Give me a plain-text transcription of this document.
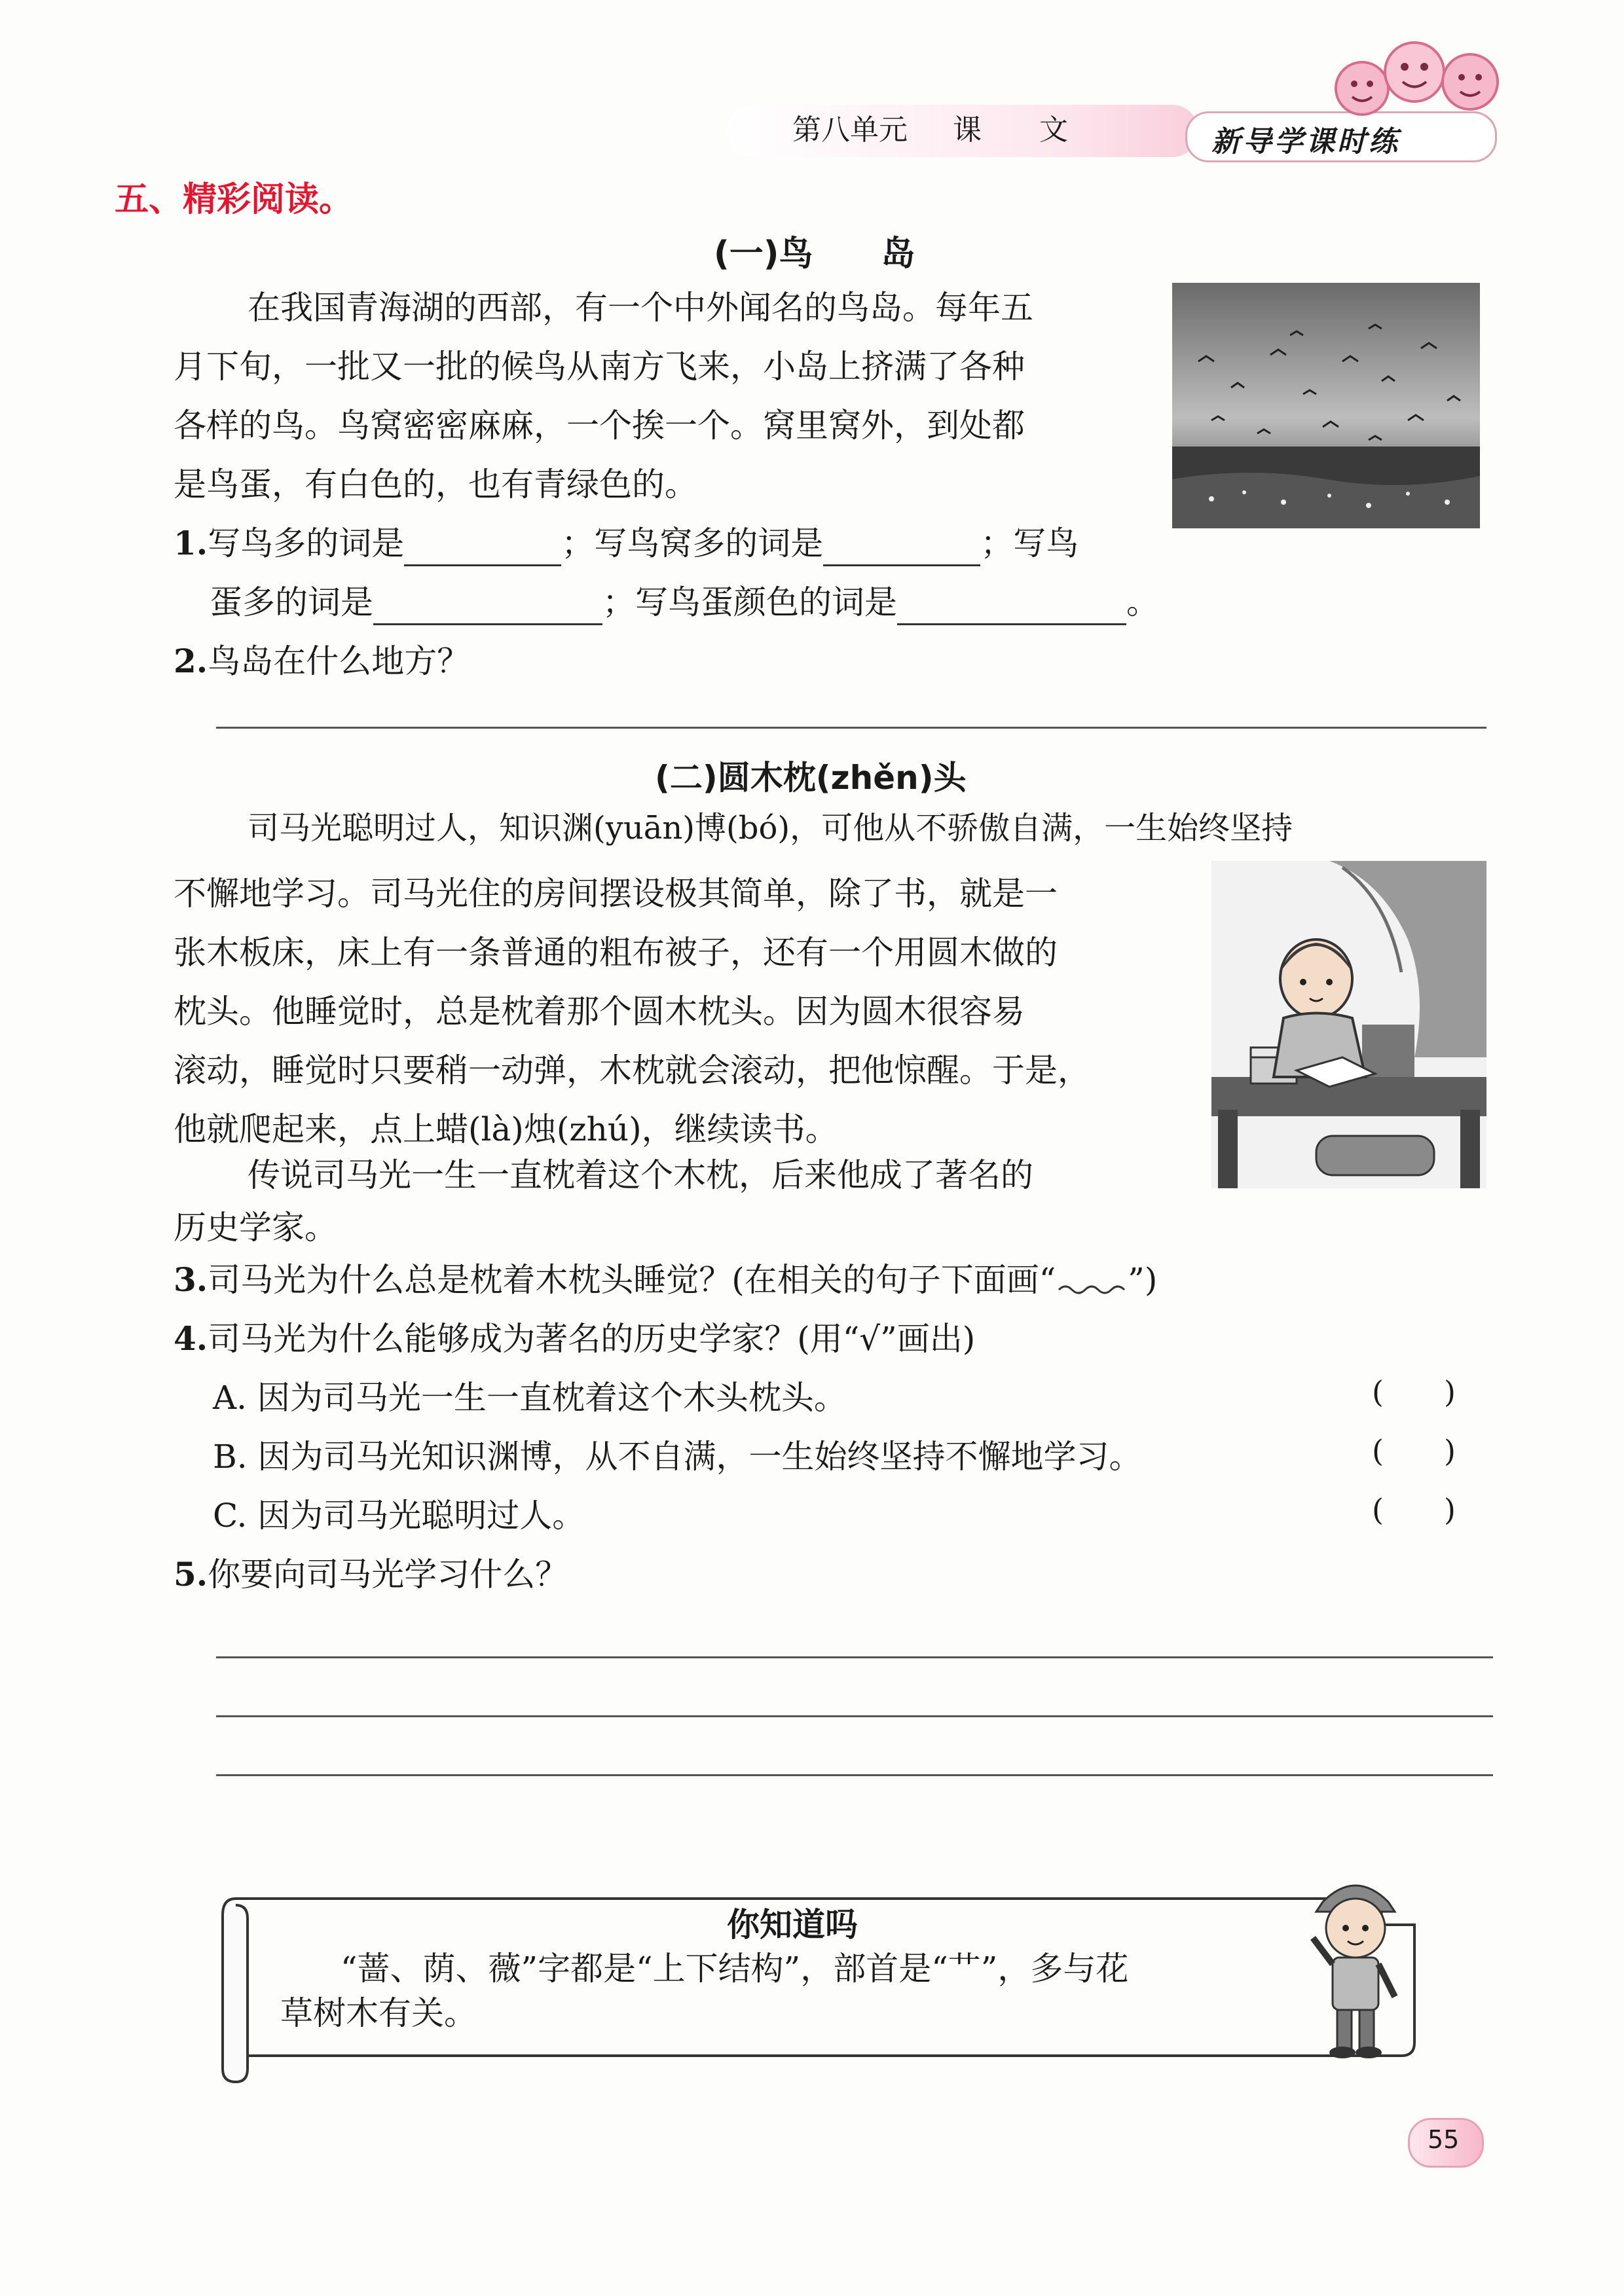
第八单元 课　　文	新导学课时练
五、精彩阅读。
(一)鸟　　岛
在我国青海湖的西部，有一个中外闻名的鸟岛。每年五
月下旬，一批又一批的候鸟从南方飞来，小岛上挤满了各种
各样的鸟。鸟窝密密麻麻，一个挨一个。窝里窝外，到处都
是鸟蛋，有白色的，也有青绿色的。
1.写鸟多的词是	；写鸟窝多的词是	；写鸟
蛋多的词是	；写鸟蛋颜色的词是	。
2.鸟岛在什么地方？
(二)圆木枕(zhěn)头
司马光聪明过人，知识渊(yuān)博(bó)，可他从不骄傲自满，一生始终坚持
不懈地学习。司马光住的房间摆设极其简单，除了书，就是一
张木板床，床上有一条普通的粗布被子，还有一个用圆木做的
枕头。他睡觉时，总是枕着那个圆木枕头。因为圆木很容易
滚动，睡觉时只要稍一动弹，木枕就会滚动，把他惊醒。于是，
他就爬起来，点上蜡(là)烛(zhú)，继续读书。
传说司马光一生一直枕着这个木枕，后来他成了著名的
历史学家。
3.司马光为什么总是枕着木枕头睡觉？(在相关的句子下面画“ ”)
4.司马光为什么能够成为著名的历史学家？(用“√”画出)
A. 因为司马光一生一直枕着这个木头枕头。	(　　)
B. 因为司马光知识渊博，从不自满，一生始终坚持不懈地学习。	(　　)
C. 因为司马光聪明过人。	(　　)
5.你要向司马光学习什么？
你知道吗
“蔷、荫、薇”字都是“上下结构”，部首是“艹”，多与花
草树木有关。
55
